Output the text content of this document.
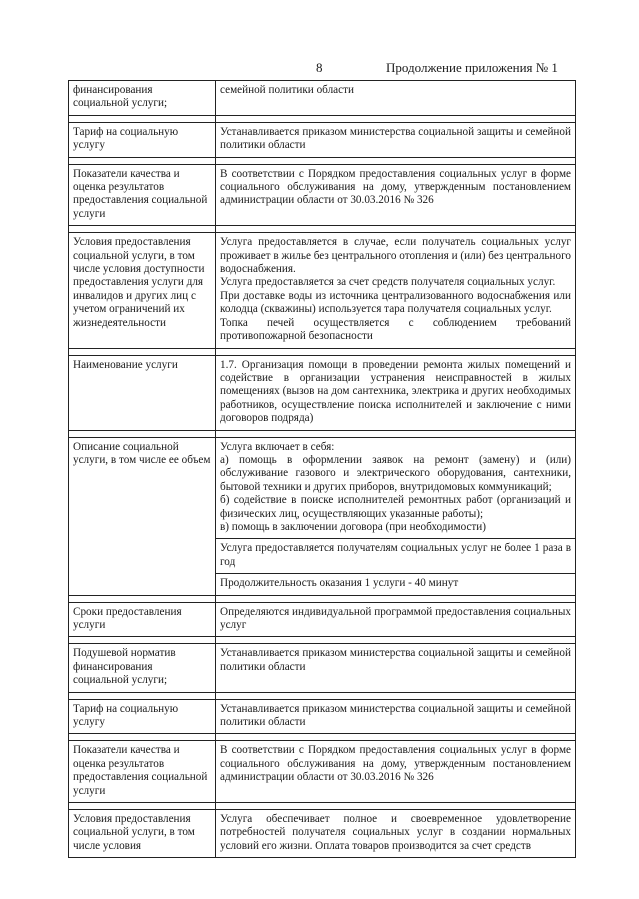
8	Продолжение приложения № 1
финансирования социальной услуги;	семейной политики области

Тариф на социальную услугу	Устанавливается приказом министерства социальной защиты и семейной политики области

Показатели качества и оценка результатов предоставления социальной услуги	В соответствии с Порядком предоставления социальных услуг в форме социального обслуживания на дому, утвержденным постановлением администрации области от 30.03.2016 № 326

Условия предоставления социальной услуги, в том числе условия доступности предоставления услуги для инвалидов и других лиц с учетом ограничений их жизнедеятельности	Услуга предоставляется в случае, если получатель социальных услуг проживает в жилье без центрального отопления и (или) без центрального водоснабжения.
Услуга предоставляется за счет средств получателя социальных услуг.
При доставке воды из источника централизованного водоснабжения или колодца (скважины) используется тара получателя социальных услуг.
Топка печей осуществляется с соблюдением требований противопожарной безопасности

Наименование услуги	1.7. Организация помощи в проведении ремонта жилых помещений и содействие в организации устранения неисправностей в жилых помещениях (вызов на дом сантехника, электрика и других необходимых работников, осуществление поиска исполнителей и заключение с ними договоров подряда)

Описание социальной услуги, в том числе ее объем	Услуга включает в себя:
а) помощь в оформлении заявок на ремонт (замену) и (или) обслуживание газового и электрического оборудования, сантехники, бытовой техники и других приборов, внутридомовых коммуникаций;
б) содействие в поиске исполнителей ремонтных работ (организаций и физических лиц, осуществляющих указанные работы);
в) помощь в заключении договора (при необходимости)

	Услуга предоставляется получателям социальных услуг не более 1 раза в год

	Продолжительность оказания 1 услуги - 40 минут

Сроки предоставления услуги	Определяются индивидуальной программой предоставления социальных услуг

Подушевой норматив финансирования социальной услуги;	Устанавливается приказом министерства социальной защиты и семейной политики области

Тариф на социальную услугу	Устанавливается приказом министерства социальной защиты и семейной политики области

Показатели качества и оценка результатов предоставления социальной услуги	В соответствии с Порядком предоставления социальных услуг в форме социального обслуживания на дому, утвержденным постановлением администрации области от 30.03.2016 № 326

Условия предоставления социальной услуги, в том числе условия	Услуга обеспечивает полное и своевременное удовлетворение потребностей получателя социальных услуг в создании нормальных условий его жизни. Оплата товаров производится за счет средств
